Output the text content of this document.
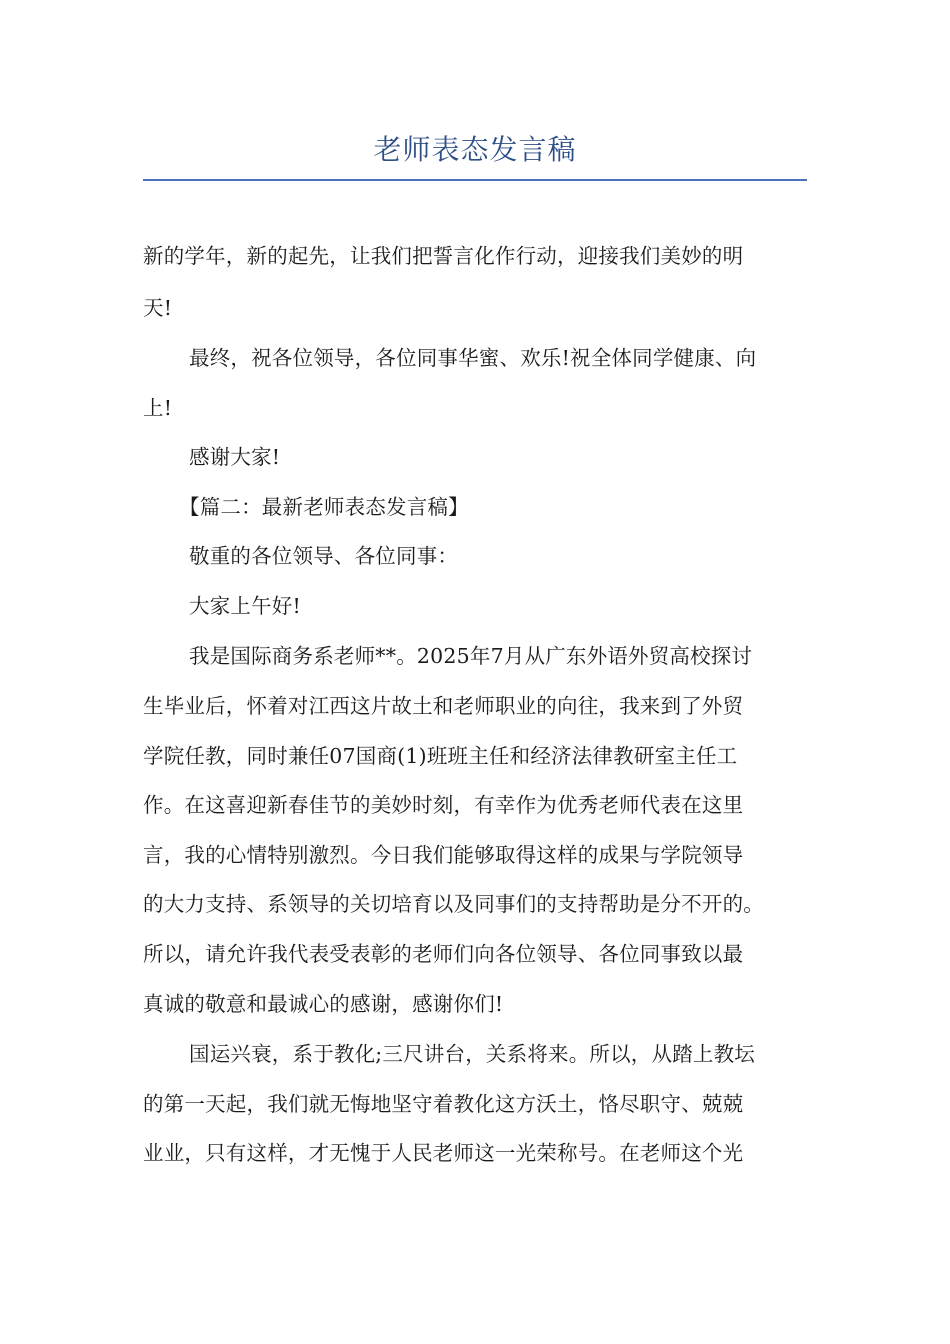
老师表态发言稿
新的学年，新的起先，让我们把誓言化作行动，迎接我们美妙的明
天!
最终，祝各位领导，各位同事华蜜、欢乐!祝全体同学健康、向
上!
感谢大家!
【篇二：最新老师表态发言稿】
敬重的各位领导、各位同事：
大家上午好!
我是国际商务系老师**。2025年7月从广东外语外贸高校探讨
生毕业后，怀着对江西这片故土和老师职业的向往，我来到了外贸
学院任教，同时兼任07国商(1)班班主任和经济法律教研室主任工
作。在这喜迎新春佳节的美妙时刻，有幸作为优秀老师代表在这里
言，我的心情特别激烈。今日我们能够取得这样的成果与学院领导
的大力支持、系领导的关切培育以及同事们的支持帮助是分不开的。
所以，请允许我代表受表彰的老师们向各位领导、各位同事致以最
真诚的敬意和最诚心的感谢，感谢你们!
国运兴衰，系于教化;三尺讲台，关系将来。所以，从踏上教坛
的第一天起，我们就无悔地坚守着教化这方沃土，恪尽职守、兢兢
业业，只有这样，才无愧于人民老师这一光荣称号。在老师这个光
